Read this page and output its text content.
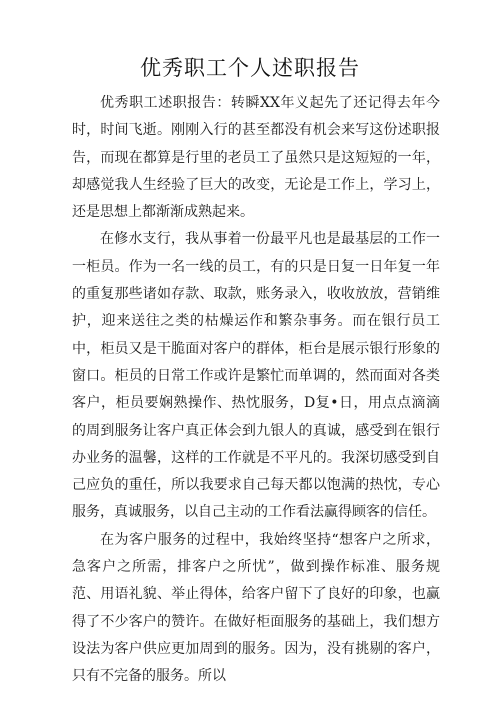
优秀职工个人述职报告

优秀职工述职报告：转瞬XX年义起先了还记得去年今时，时间飞逝。刚刚入行的甚至都没有机会来写这份述职报告，而现在都算是行里的老员工了虽然只是这短短的一年，却感觉我人生经验了巨大的改变，无论是工作上，学习上，还是思想上都渐渐成熟起来。

在修水支行，我从事着一份最平凡也是最基层的工作一一柜员。作为一名一线的员工，有的只是日复一日年复一年的重复那些诸如存款、取款，账务录入，收收放放，营销维护，迎来送往之类的枯燥运作和繁杂事务。而在银行员工中，柜员又是干脆面对客户的群体，柜台是展示银行形象的窗口。柜员的日常工作或许是繁忙而单调的，然而面对各类客户，柜员要娴熟操作、热忱服务，D复•日，用点点滴滴的周到服务让客户真正体会到九银人的真诚，感受到在银行办业务的温馨，这样的工作就是不平凡的。我深切感受到自己应负的重任，所以我要求自己每天都以饱满的热忱，专心服务，真诚服务，以自己主动的工作看法赢得顾客的信任。

在为客户服务的过程中，我始终坚持“想客户之所求，急客户之所需，排客户之所忧”，做到操作标准、服务规范、用语礼貌、举止得体，给客户留下了良好的印象，也赢得了不少客户的赞许。在做好柜面服务的基础上，我们想方设法为客户供应更加周到的服务。因为，没有挑剔的客户，只有不完备的服务。所以
